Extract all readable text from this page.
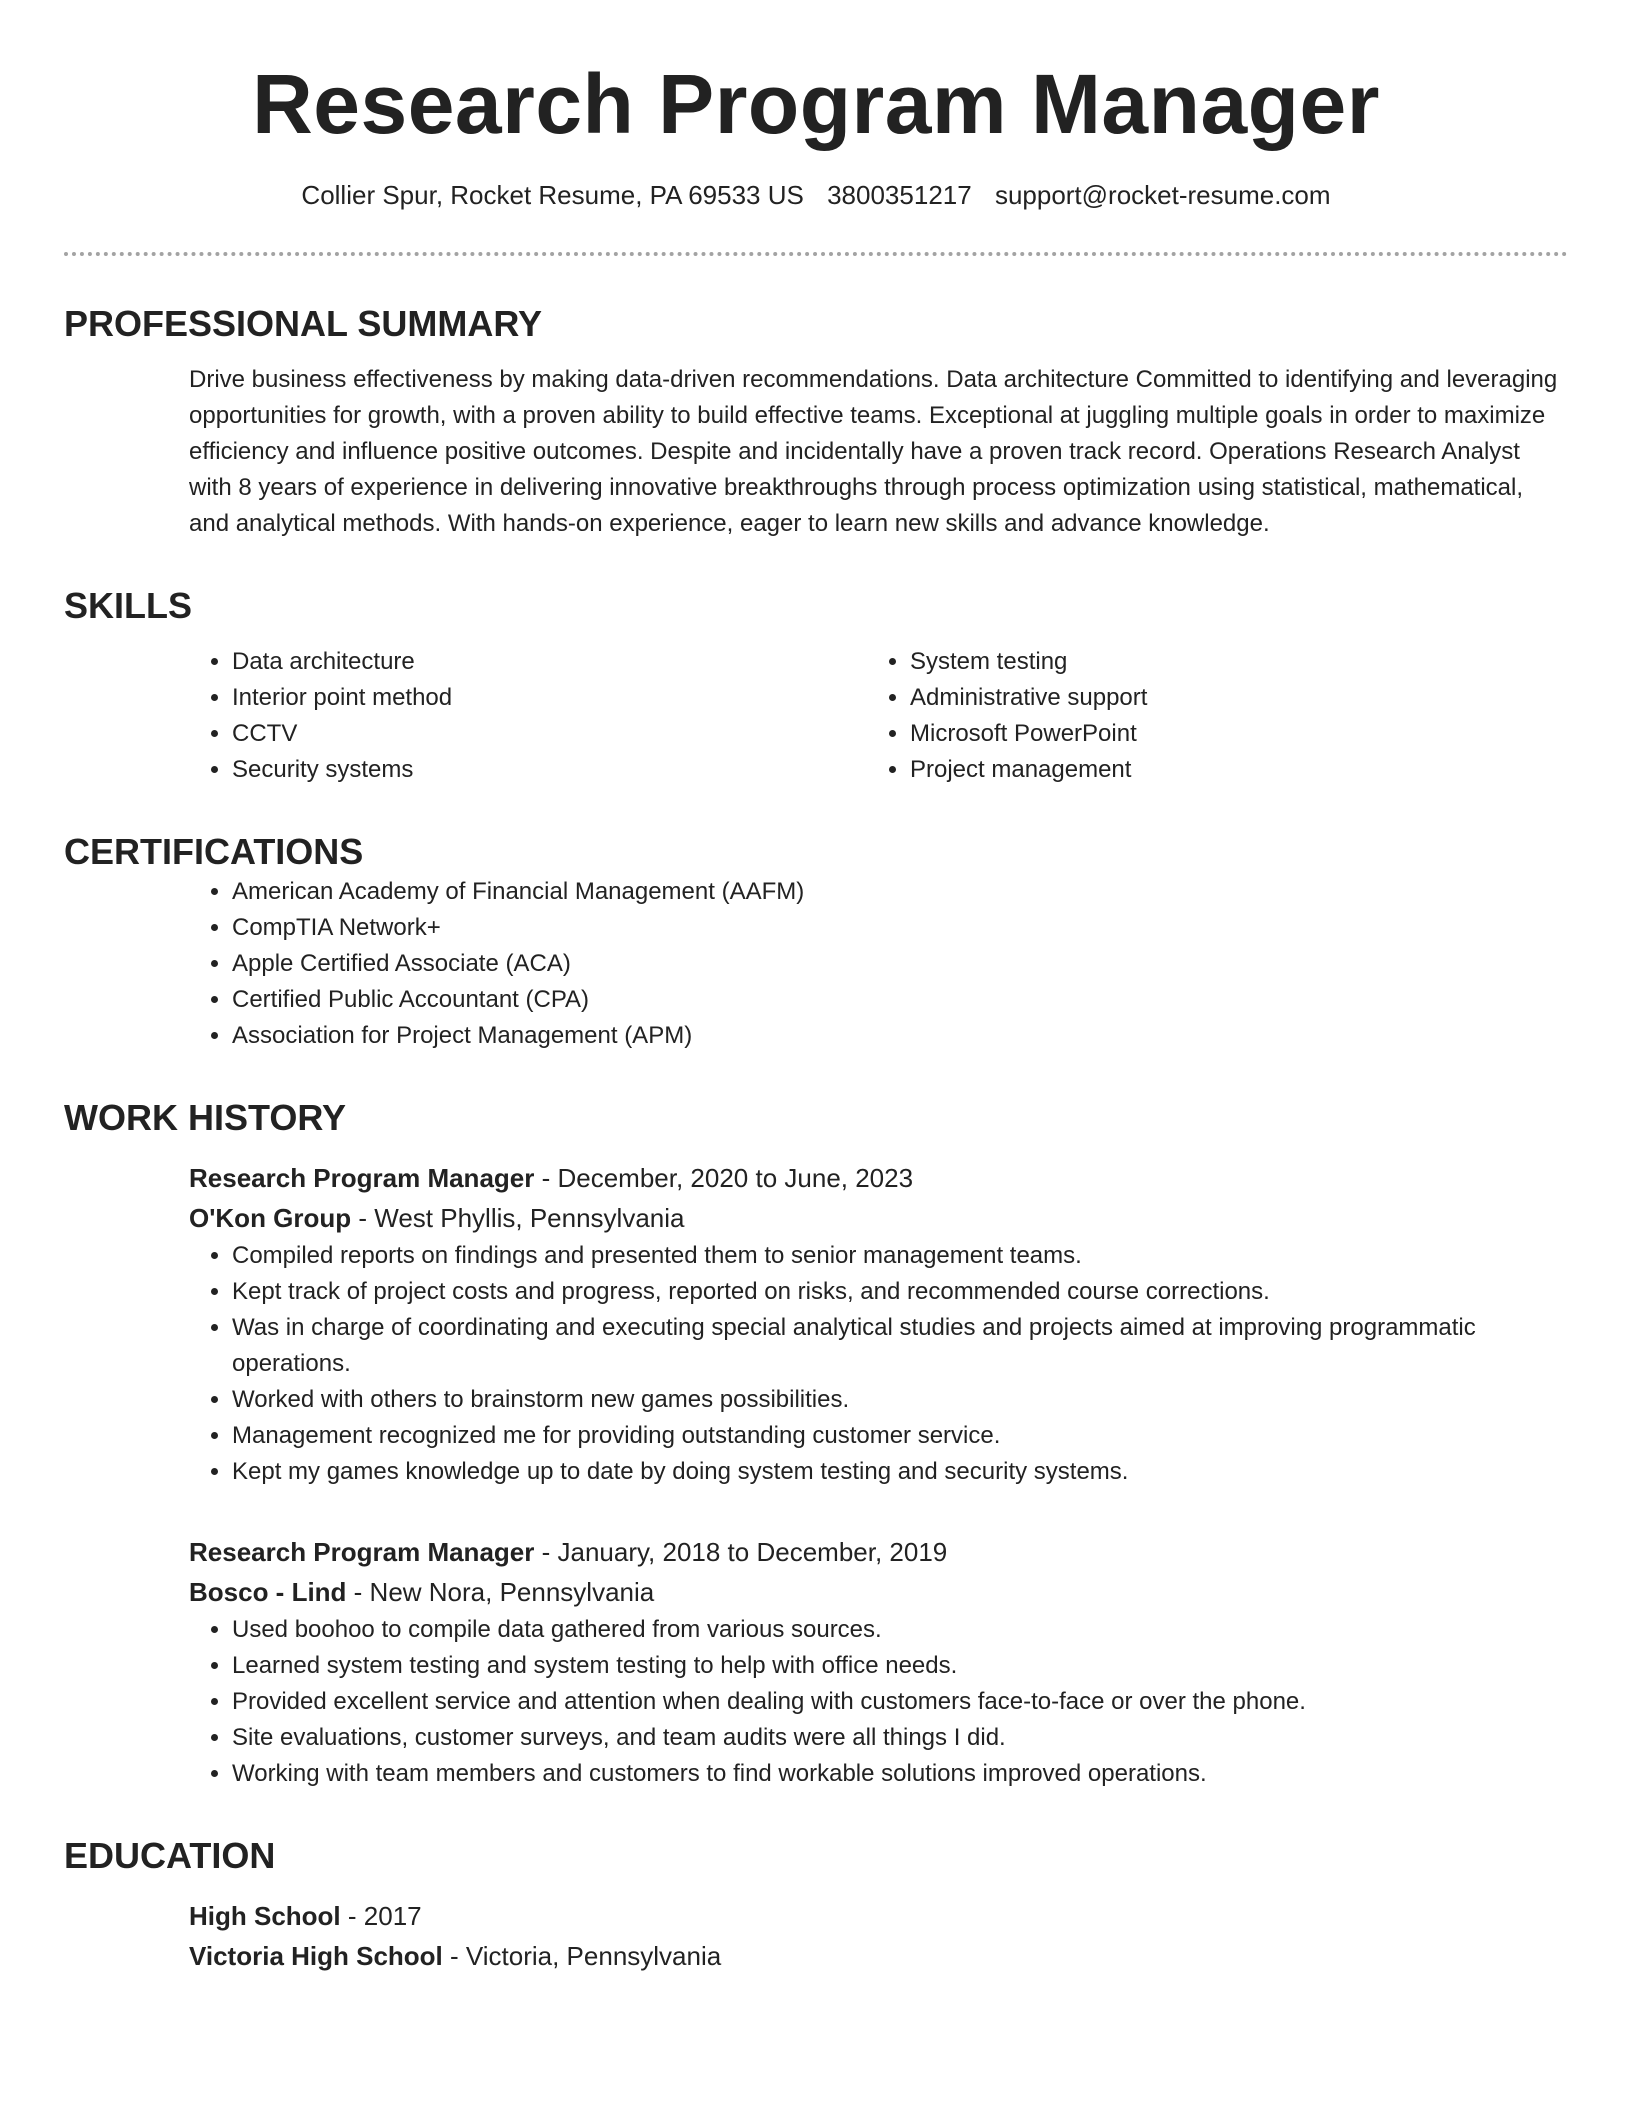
Research Program Manager
Collier Spur, Rocket Resume, PA 69533 US 3800351217 support@rocket-resume.com
PROFESSIONAL SUMMARY

Drive business effectiveness by making data-driven recommendations. Data architecture Committed to identifying and leveraging opportunities for growth, with a proven ability to build effective teams. Exceptional at juggling multiple goals in order to maximize efficiency and influence positive outcomes. Despite and incidentally have a proven track record. Operations Research Analyst with 8 years of experience in delivering innovative breakthroughs through process optimization using statistical, mathematical, and analytical methods. With hands-on experience, eager to learn new skills and advance knowledge.

SKILLS
• Data architecture
• Interior point method
• CCTV
• Security systems
• System testing
• Administrative support
• Microsoft PowerPoint
• Project management
CERTIFICATIONS
• American Academy of Financial Management (AAFM)
• CompTIA Network+
• Apple Certified Associate (ACA)
• Certified Public Accountant (CPA)
• Association for Project Management (APM)
WORK HISTORY
Research Program Manager - December, 2020 to June, 2023
O'Kon Group - West Phyllis, Pennsylvania
• Compiled reports on findings and presented them to senior management teams.
• Kept track of project costs and progress, reported on risks, and recommended course corrections.
• Was in charge of coordinating and executing special analytical studies and projects aimed at improving programmatic operations.
• Worked with others to brainstorm new games possibilities.
• Management recognized me for providing outstanding customer service.
• Kept my games knowledge up to date by doing system testing and security systems.
Research Program Manager - January, 2018 to December, 2019
Bosco - Lind - New Nora, Pennsylvania
• Used boohoo to compile data gathered from various sources.
• Learned system testing and system testing to help with office needs.
• Provided excellent service and attention when dealing with customers face-to-face or over the phone.
• Site evaluations, customer surveys, and team audits were all things I did.
• Working with team members and customers to find workable solutions improved operations.
EDUCATION
High School - 2017
Victoria High School - Victoria, Pennsylvania
